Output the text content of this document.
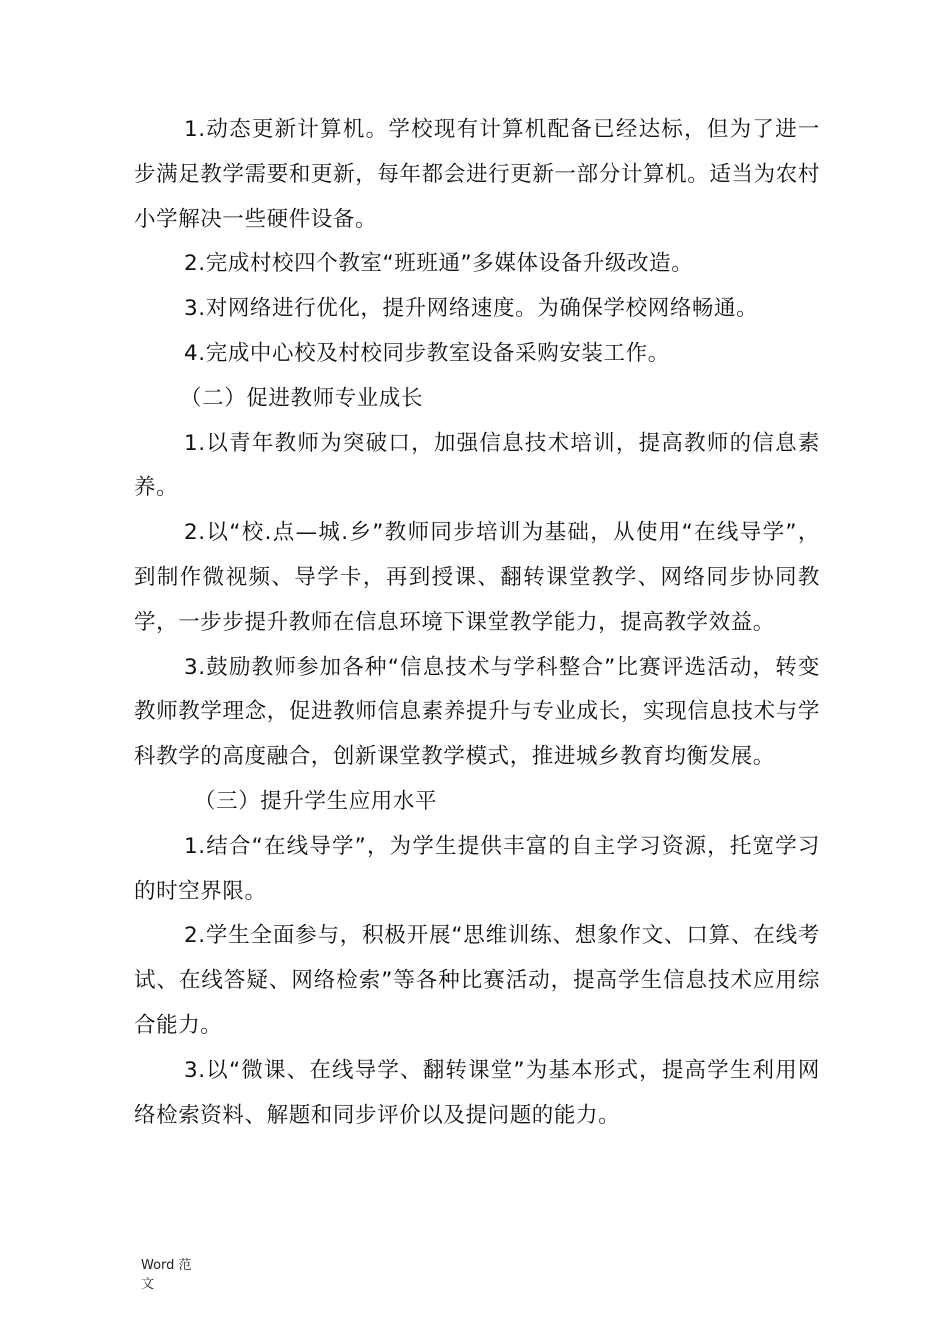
1.动态更新计算机。学校现有计算机配备已经达标，但为了进一步满足教学需要和更新，每年都会进行更新一部分计算机。适当为农村小学解决一些硬件设备。

2.完成村校四个教室“班班通”多媒体设备升级改造。

3.对网络进行优化，提升网络速度。为确保学校网络畅通。

4.完成中心校及村校同步教室设备采购安装工作。

（二）促进教师专业成长

1.以青年教师为突破口，加强信息技术培训，提高教师的信息素养。

2.以“校.点—城.乡”教师同步培训为基础，从使用“在线导学”，到制作微视频、导学卡，再到授课、翻转课堂教学、网络同步协同教学，一步步提升教师在信息环境下课堂教学能力，提高教学效益。

3.鼓励教师参加各种“信息技术与学科整合”比赛评选活动，转变教师教学理念，促进教师信息素养提升与专业成长，实现信息技术与学科教学的高度融合，创新课堂教学模式，推进城乡教育均衡发展。

（三）提升学生应用水平

1.结合“在线导学”，为学生提供丰富的自主学习资源，托宽学习的时空界限。

2.学生全面参与，积极开展“思维训练、想象作文、口算、在线考试、在线答疑、网络检索”等各种比赛活动，提高学生信息技术应用综合能力。

3.以“微课、在线导学、翻转课堂”为基本形式，提高学生利用网络检索资料、解题和同步评价以及提问题的能力。

Word 范文
